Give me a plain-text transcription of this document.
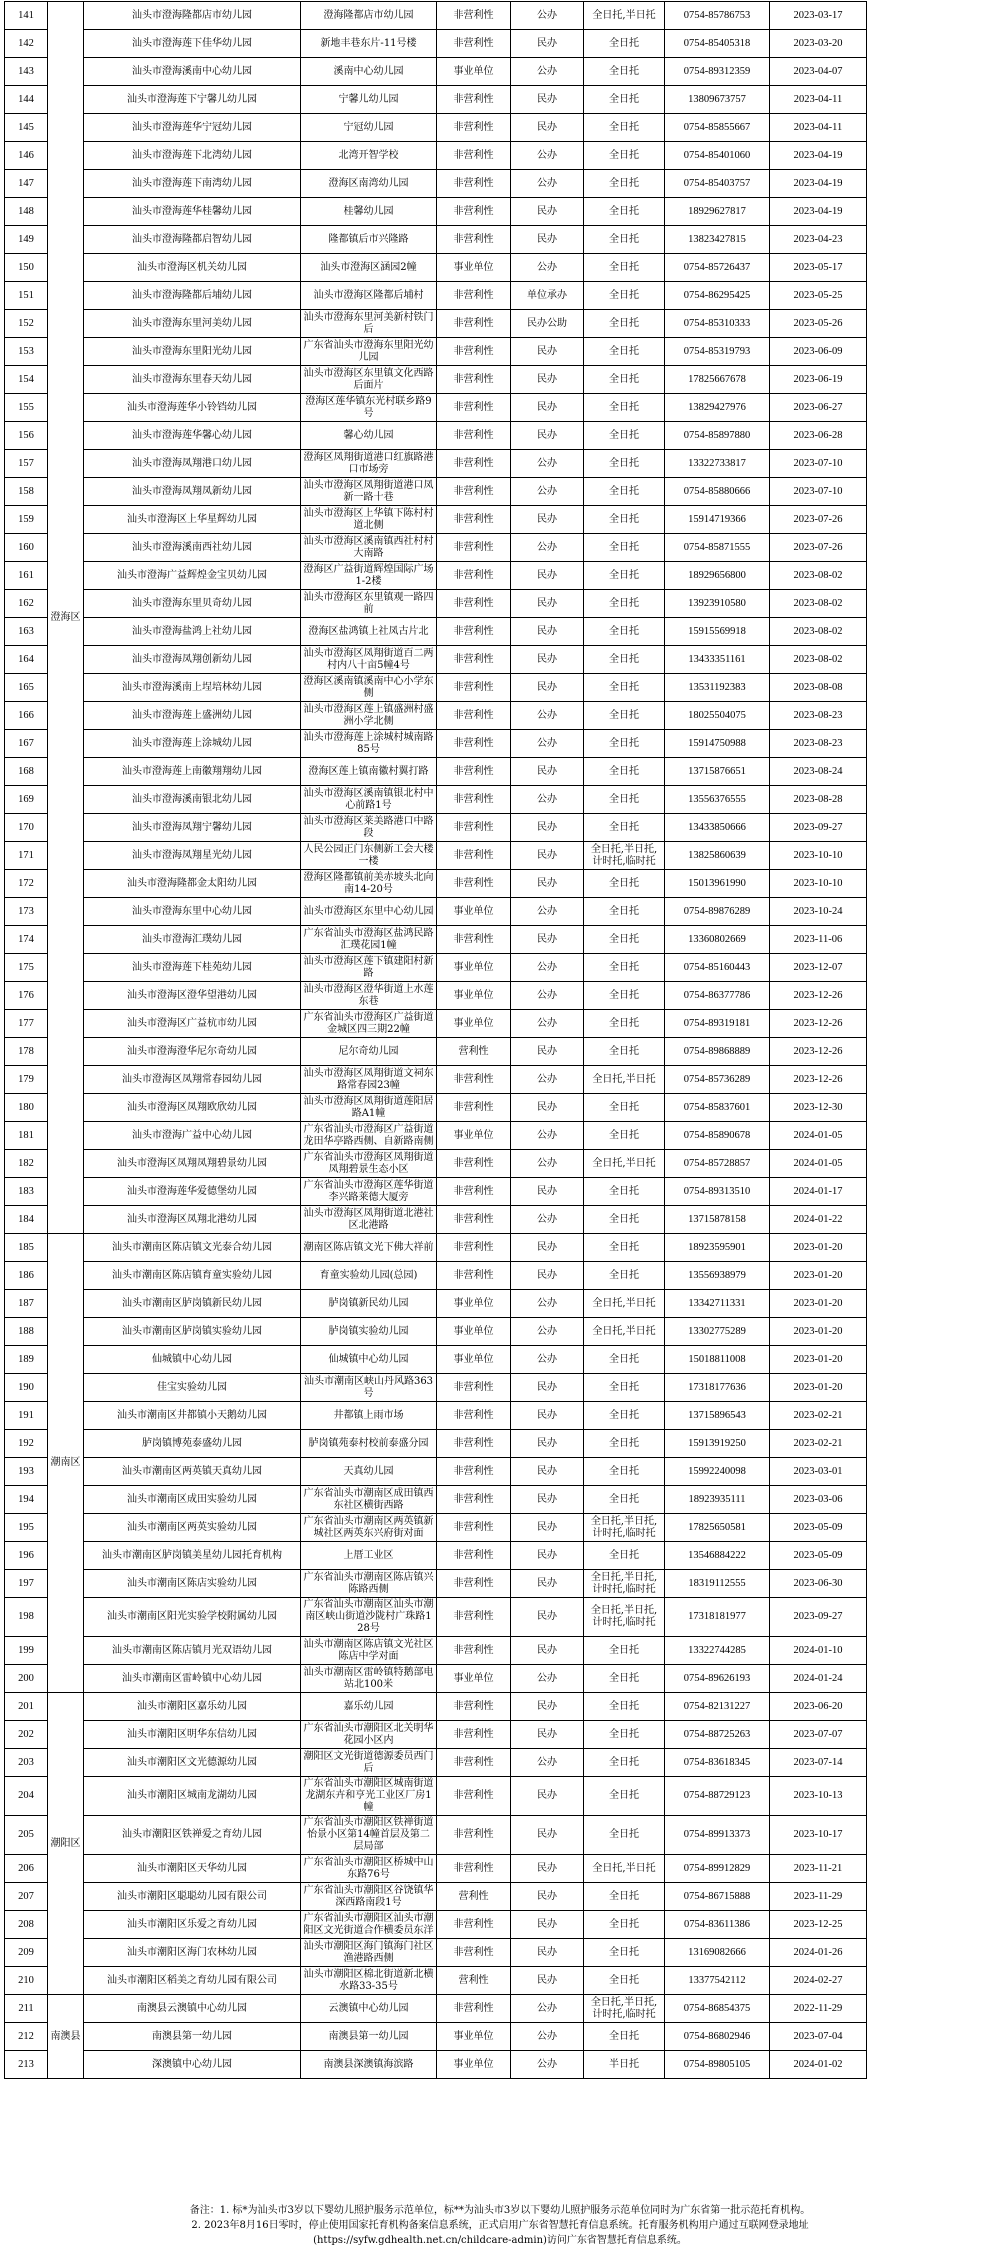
141	澄海区	汕头市澄海隆都店市幼儿园	澄海隆都店市幼儿园	非营利性	公办	全日托,半日托	0754-85786753	2023-03-17
142		汕头市澄海莲下佳华幼儿园	新地丰巷东片-11号楼	非营利性	民办	全日托	0754-85405318	2023-03-20
143		汕头市澄海溪南中心幼儿园	溪南中心幼儿园	事业单位	公办	全日托	0754-89312359	2023-04-07
144		汕头市澄海莲下宁馨儿幼儿园	宁馨儿幼儿园	非营利性	民办	全日托	13809673757	2023-04-11
145		汕头市澄海莲华宁冠幼儿园	宁冠幼儿园	非营利性	民办	全日托	0754-85855667	2023-04-11
146		汕头市澄海莲下北湾幼儿园	北湾开智学校	非营利性	公办	全日托	0754-85401060	2023-04-19
147		汕头市澄海莲下南湾幼儿园	澄海区南湾幼儿园	非营利性	公办	全日托	0754-85403757	2023-04-19
148		汕头市澄海莲华桂馨幼儿园	桂馨幼儿园	非营利性	民办	全日托	18929627817	2023-04-19
149		汕头市澄海隆都启智幼儿园	隆都镇后市兴隆路	非营利性	民办	全日托	13823427815	2023-04-23
150		汕头市澄海区机关幼儿园	汕头市澄海区涵园2幢	事业单位	公办	全日托	0754-85726437	2023-05-17
151		汕头市澄海隆都后埔幼儿园	汕头市澄海区隆都后埔村	非营利性	单位承办	全日托	0754-86295425	2023-05-25
152		汕头市澄海东里河美幼儿园	汕头市澄海东里河美新村铁门后	非营利性	民办公助	全日托	0754-85310333	2023-05-26
153		汕头市澄海东里阳光幼儿园	广东省汕头市澄海东里阳光幼儿园	非营利性	民办	全日托	0754-85319793	2023-06-09
154		汕头市澄海东里春天幼儿园	汕头市澄海区东里镇文化西路后面片	非营利性	民办	全日托	17825667678	2023-06-19
155		汕头市澄海莲华小铃铛幼儿园	澄海区莲华镇东光村联乡路9号	非营利性	民办	全日托	13829427976	2023-06-27
156		汕头市澄海莲华馨心幼儿园	馨心幼儿园	非营利性	民办	全日托	0754-85897880	2023-06-28
157		汕头市澄海凤翔港口幼儿园	澄海区凤翔街道港口红旗路港口市场旁	非营利性	公办	全日托	13322733817	2023-07-10
158		汕头市澄海凤翔凤新幼儿园	汕头市澄海区凤翔街道港口凤新一路十巷	非营利性	公办	全日托	0754-85880666	2023-07-10
159		汕头市澄海区上华星辉幼儿园	汕头市澄海区上华镇下陈村村道北侧	非营利性	民办	全日托	15914719366	2023-07-26
160		汕头市澄海溪南西社幼儿园	汕头市澄海区溪南镇西社村村大南路	非营利性	公办	全日托	0754-85871555	2023-07-26
161		汕头市澄海广益辉煌金宝贝幼儿园	澄海区广益街道辉煌国际广场1-2楼	非营利性	民办	全日托	18929656800	2023-08-02
162		汕头市澄海东里贝奇幼儿园	汕头市澄海区东里镇观一路四前	非营利性	民办	全日托	13923910580	2023-08-02
163		汕头市澄海盐鸿上社幼儿园	澄海区盐鸿镇上社凤古片北	非营利性	民办	全日托	15915569918	2023-08-02
164		汕头市澄海凤翔创新幼儿园	汕头市澄海区凤翔街道百二两村内八十亩5幢4号	非营利性	民办	全日托	13433351161	2023-08-02
165		汕头市澄海溪南上埕培林幼儿园	澄海区溪南镇溪南中心小学东侧	非营利性	民办	全日托	13531192383	2023-08-08
166		汕头市澄海莲上盛洲幼儿园	汕头市澄海区莲上镇盛洲村盛洲小学北侧	非营利性	公办	全日托	18025504075	2023-08-23
167		汕头市澄海莲上涂城幼儿园	汕头市澄海莲上涂城村城南路85号	非营利性	公办	全日托	15914750988	2023-08-23
168		汕头市澄海莲上南徽翔翔幼儿园	澄海区莲上镇南徽村翼打路	非营利性	民办	全日托	13715876651	2023-08-24
169		汕头市澄海溪南银北幼儿园	汕头市澄海区溪南镇银北村中心前路1号	非营利性	公办	全日托	13556376555	2023-08-28
170		汕头市澄海凤翔宁馨幼儿园	汕头市澄海区莱美路港口中路段	非营利性	民办	全日托	13433850666	2023-09-27
171		汕头市澄海凤翔星光幼儿园	人民公园正门东侧新工会大楼一楼	非营利性	民办	全日托,半日托,计时托,临时托	13825860639	2023-10-10
172		汕头市澄海隆都金太阳幼儿园	澄海区隆都镇前美赤坡头北向南14-20号	非营利性	民办	全日托	15013961990	2023-10-10
173		汕头市澄海东里中心幼儿园	汕头市澄海区东里中心幼儿园	事业单位	公办	全日托	0754-89876289	2023-10-24
174		汕头市澄海汇璞幼儿园	广东省汕头市澄海区盐鸿民路汇璞花园1幢	非营利性	民办	全日托	13360802669	2023-11-06
175		汕头市澄海莲下桂苑幼儿园	汕头市澄海区莲下镇建阳村新路	事业单位	公办	全日托	0754-85160443	2023-12-07
176		汕头市澄海区澄华望港幼儿园	汕头市澄海区澄华街道上水莲东巷	事业单位	公办	全日托	0754-86377786	2023-12-26
177		汕头市澄海区广益杭市幼儿园	广东省汕头市澄海区广益街道金城区四三期22幢	事业单位	公办	全日托	0754-89319181	2023-12-26
178		汕头市澄海澄华尼尔奇幼儿园	尼尔奇幼儿园	营利性	民办	全日托	0754-89868889	2023-12-26
179		汕头市澄海区凤翔常春园幼儿园	汕头市澄海区凤翔街道文祠东路常春园23幢	非营利性	公办	全日托,半日托	0754-85736289	2023-12-26
180		汕头市澄海区凤翔欧欣幼儿园	汕头市澄海区凤翔街道莲阳居路A1幢	非营利性	民办	全日托	0754-85837601	2023-12-30
181		汕头市澄海广益中心幼儿园	广东省汕头市澄海区广益街道龙田华亭路西侧、自新路南侧	事业单位	公办	全日托	0754-85890678	2024-01-05
182		汕头市澄海区凤翔凤翔碧景幼儿园	广东省汕头市澄海区凤翔街道凤翔碧景生态小区	非营利性	公办	全日托,半日托	0754-85728857	2024-01-05
183		汕头市澄海莲华爱德堡幼儿园	广东省汕头市澄海区莲华街道李兴路莱德大厦旁	非营利性	民办	全日托	0754-89313510	2024-01-17
184		汕头市澄海区凤翔北港幼儿园	汕头市澄海区凤翔街道北港社区北港路	非营利性	公办	全日托	13715878158	2024-01-22
185	潮南区	汕头市潮南区陈店镇文光泰合幼儿园	潮南区陈店镇文光下佛大祥前	非营利性	民办	全日托	18923595901	2023-01-20
186		汕头市潮南区陈店镇育童实验幼儿园	育童实验幼儿园(总园)	非营利性	民办	全日托	13556938979	2023-01-20
187		汕头市潮南区胪岗镇新民幼儿园	胪岗镇新民幼儿园	事业单位	公办	全日托,半日托	13342711331	2023-01-20
188		汕头市潮南区胪岗镇实验幼儿园	胪岗镇实验幼儿园	事业单位	公办	全日托,半日托	13302775289	2023-01-20
189		仙城镇中心幼儿园	仙城镇中心幼儿园	事业单位	公办	全日托	15018811008	2023-01-20
190		佳宝实验幼儿园	汕头市潮南区峡山丹风路363号	非营利性	民办	全日托	17318177636	2023-01-20
191		汕头市潮南区井都镇小天鹅幼儿园	井都镇上雨市场	非营利性	民办	全日托	13715896543	2023-02-21
192		胪岗镇博苑泰盛幼儿园	胪岗镇苑泰村校前泰盛分园	非营利性	民办	全日托	15913919250	2023-02-21
193		汕头市潮南区两英镇天真幼儿园	天真幼儿园	非营利性	民办	全日托	15992240098	2023-03-01
194		汕头市潮南区成田实验幼儿园	广东省汕头市潮南区成田镇西东社区横街西路	非营利性	民办	全日托	18923935111	2023-03-06
195		汕头市潮南区两英实验幼儿园	广东省汕头市潮南区两英镇新城社区两英东兴府街对面	非营利性	民办	全日托,半日托,计时托,临时托	17825650581	2023-05-09
196		汕头市潮南区胪岗镇美星幼儿园托育机构	上厝工业区	非营利性	民办	全日托	13546884222	2023-05-09
197		汕头市潮南区陈店实验幼儿园	广东省汕头市潮南区陈店镇兴陈路西侧	非营利性	民办	全日托,半日托,计时托,临时托	18319112555	2023-06-30
198		汕头市潮南区阳光实验学校附属幼儿园	广东省汕头市潮南区汕头市潮南区峡山街道沙陇村广珠路128号	非营利性	民办	全日托,半日托,计时托,临时托	17318181977	2023-09-27
199		汕头市潮南区陈店镇月光双语幼儿园	汕头市潮南区陈店镇文光社区陈店中学对面	非营利性	民办	全日托	13322744285	2024-01-10
200		汕头市潮南区雷岭镇中心幼儿园	汕头市潮南区雷岭镇特鹅部电站北100米	事业单位	公办	全日托	0754-89626193	2024-01-24
201	潮阳区	汕头市潮阳区嘉乐幼儿园	嘉乐幼儿园	非营利性	民办	全日托	0754-82131227	2023-06-20
202		汕头市潮阳区明华东信幼儿园	广东省汕头市潮阳区北关明华花园小区内	非营利性	民办	全日托	0754-88725263	2023-07-07
203		汕头市潮阳区文光德源幼儿园	潮阳区文光街道德源委员西门后	非营利性	公办	全日托	0754-83618345	2023-07-14
204		汕头市潮阳区城南龙湖幼儿园	广东省汕头市潮阳区城南街道龙湖东卉和亨光工业区厂房1幢	非营利性	民办	全日托	0754-88729123	2023-10-13
205		汕头市潮阳区铁禅爱之育幼儿园	广东省汕头市潮阳区铁禅街道怡景小区第14幢首层及第二层局部	非营利性	民办	全日托	0754-89913373	2023-10-17
206		汕头市潮阳区天华幼儿园	广东省汕头市潮阳区桥城中山东路76号	非营利性	民办	全日托,半日托	0754-89912829	2023-11-21
207		汕头市潮阳区聪聪幼儿园有限公司	广东省汕头市潮阳区谷饶镇华深西路南段1号	营利性	民办	全日托	0754-86715888	2023-11-29
208		汕头市潮阳区乐爱之育幼儿园	广东省汕头市潮阳区汕头市潮阳区文光街道合作横委员东洋	非营利性	民办	全日托	0754-83611386	2023-12-25
209		汕头市潮阳区海门农林幼儿园	汕头市潮阳区海门镇海门社区渔港路西侧	非营利性	民办	全日托	13169082666	2024-01-26
210		汕头市潮阳区稻美之育幼儿园有限公司	汕头市潮阳区棉北街道新北横水路33-35号	营利性	民办	全日托	13377542112	2024-02-27
211	南澳县	南澳县云澳镇中心幼儿园	云澳镇中心幼儿园	非营利性	公办	全日托,半日托,计时托,临时托	0754-86854375	2022-11-29
212		南澳县第一幼儿园	南澳县第一幼儿园	事业单位	公办	全日托	0754-86802946	2023-07-04
213		深澳镇中心幼儿园	南澳县深澳镇海滨路	事业单位	公办	半日托	0754-89805105	2024-01-02
备注：1. 标*为汕头市3岁以下婴幼儿照护服务示范单位，标**为汕头市3岁以下婴幼儿照护服务示范单位同时为广东省第一批示范托育机构。
2. 2023年8月16日零时，停止使用国家托育机构备案信息系统，正式启用广东省智慧托育信息系统。托育服务机构用户通过互联网登录地址
(https://syfw.gdhealth.net.cn/childcare-admin)访问广东省智慧托育信息系统。
